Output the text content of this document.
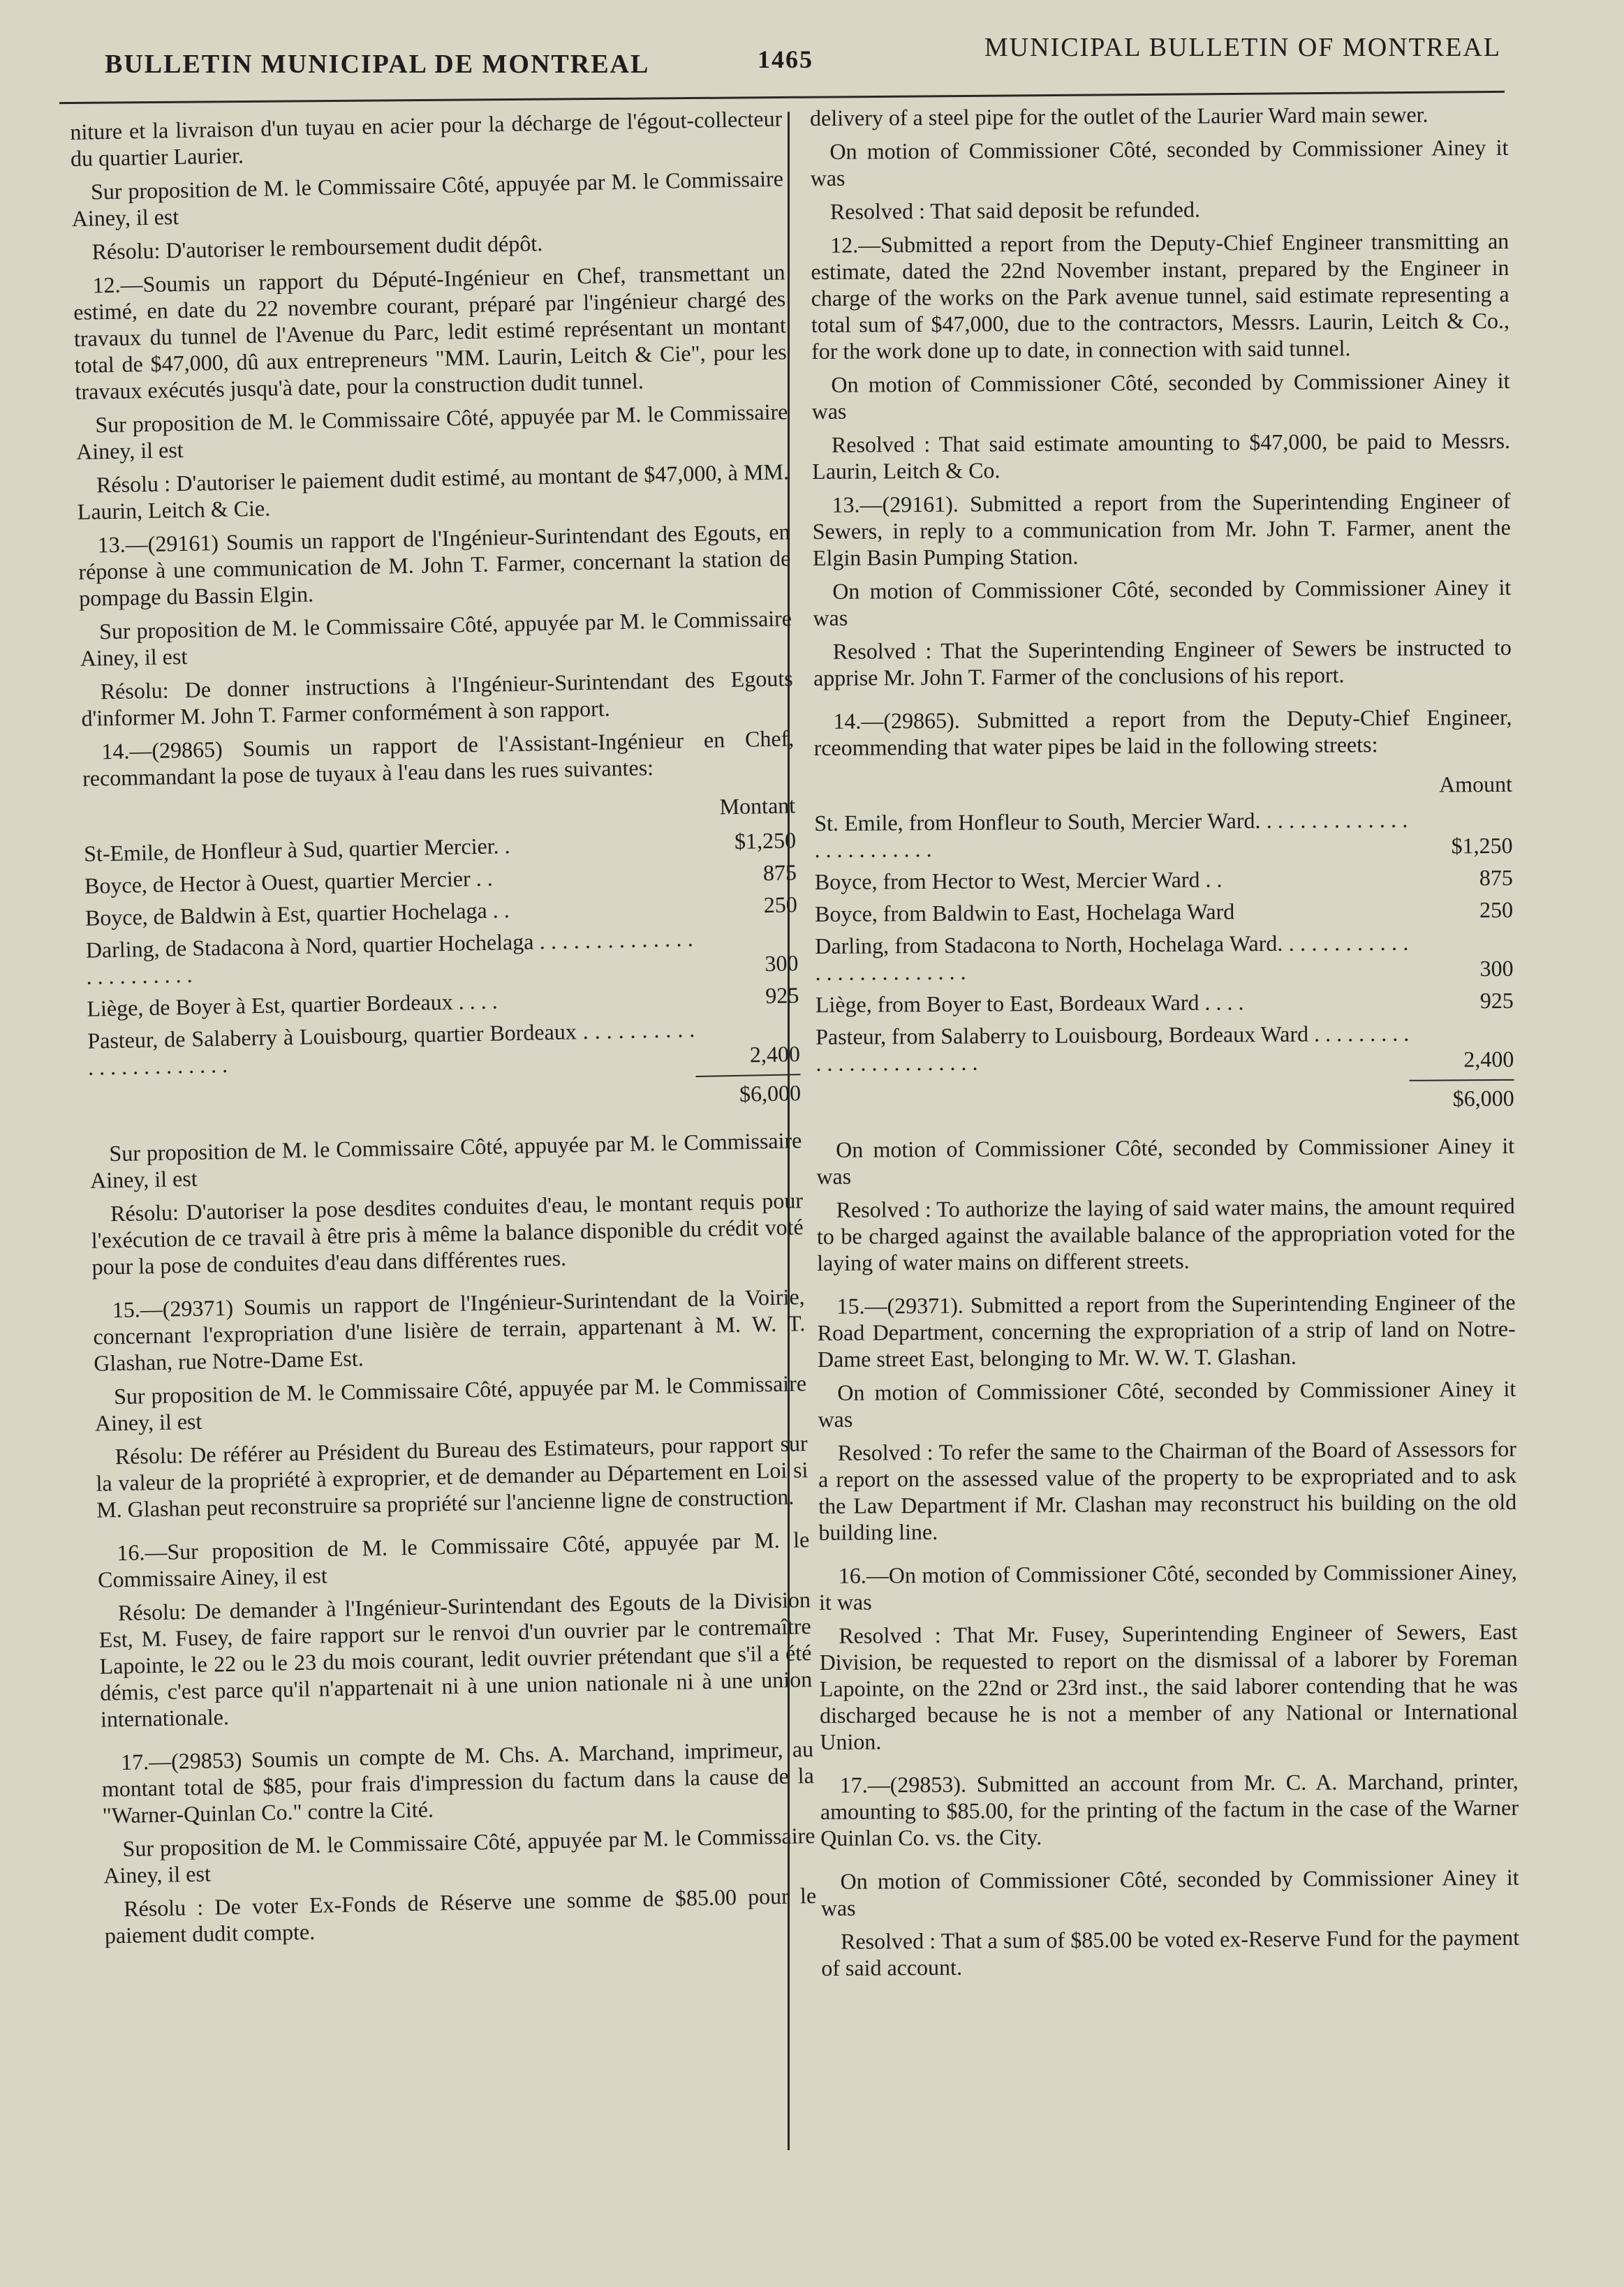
BULLETIN MUNICIPAL DE MONTREAL	1465	MUNICIPAL BULLETIN OF MONTREAL

niture et la livraison d'un tuyau en acier pour la décharge de l'égout-collecteur du quartier Laurier.

Sur proposition de M. le Commissaire Côté, appuyée par M. le Commissaire Ainey, il est

Résolu: D'autoriser le remboursement dudit dépôt.

12.—Soumis un rapport du Député-Ingénieur en Chef, transmettant un estimé, en date du 22 novembre courant, préparé par l'ingénieur chargé des travaux du tunnel de l'Avenue du Parc, ledit estimé représentant un montant total de $47,000, dû aux entrepreneurs "MM. Laurin, Leitch & Cie", pour les travaux exécutés jusqu'à date, pour la construction dudit tunnel.

Sur proposition de M. le Commissaire Côté, appuyée par M. le Commissaire Ainey, il est

Résolu : D'autoriser le paiement dudit estimé, au montant de $47,000, à MM. Laurin, Leitch & Cie.

13.—(29161) Soumis un rapport de l'Ingénieur-Surintendant des Egouts, en réponse à une communication de M. John T. Farmer, concernant la station de pompage du Bassin Elgin.

Sur proposition de M. le Commissaire Côté, appuyée par M. le Commissaire Ainey, il est

Résolu: De donner instructions à l'Ingénieur-Surintendant des Egouts d'informer M. John T. Farmer conformément à son rapport.

14.—(29865) Soumis un rapport de l'Assistant-Ingénieur en Chef, recommandant la pose de tuyaux à l'eau dans les rues suivantes:

Montant
St-Emile, de Honfleur à Sud, quartier Mercier. .	$1,250
Boyce, de Hector à Ouest, quartier Mercier . .	875
Boyce, de Baldwin à Est, quartier Hochelaga . .	250
Darling, de Stadacona à Nord, quartier Hochelaga . . . . . . . . . . . . . . . . . . . . . . . .	300
Liège, de Boyer à Est, quartier Bordeaux . . . .	925
Pasteur, de Salaberry à Louisbourg, quartier Bordeaux . . . . . . . . . . . . . . . . . . . . . . .	2,400
$6,000

Sur proposition de M. le Commissaire Côté, appuyée par M. le Commissaire Ainey, il est

Résolu: D'autoriser la pose desdites conduites d'eau, le montant requis pour l'exécution de ce travail à être pris à même la balance disponible du crédit voté pour la pose de conduites d'eau dans différentes rues.

15.—(29371) Soumis un rapport de l'Ingénieur-Surintendant de la Voirie, concernant l'expropriation d'une lisière de terrain, appartenant à M. W. T. Glashan, rue Notre-Dame Est.

Sur proposition de M. le Commissaire Côté, appuyée par M. le Commissaire Ainey, il est

Résolu: De référer au Président du Bureau des Estimateurs, pour rapport sur la valeur de la propriété à exproprier, et de demander au Département en Loi si M. Glashan peut reconstruire sa propriété sur l'ancienne ligne de construction.

16.—Sur proposition de M. le Commissaire Côté, appuyée par M. le Commissaire Ainey, il est

Résolu: De demander à l'Ingénieur-Surintendant des Egouts de la Division Est, M. Fusey, de faire rapport sur le renvoi d'un ouvrier par le contremaître Lapointe, le 22 ou le 23 du mois courant, ledit ouvrier prétendant que s'il a été démis, c'est parce qu'il n'appartenait ni à une union nationale ni à une union internationale.

17.—(29853) Soumis un compte de M. Chs. A. Marchand, imprimeur, au montant total de $85, pour frais d'impression du factum dans la cause de la "Warner-Quinlan Co." contre la Cité.

Sur proposition de M. le Commissaire Côté, appuyée par M. le Commissaire Ainey, il est

Résolu : De voter Ex-Fonds de Réserve une somme de $85.00 pour le paiement dudit compte.

delivery of a steel pipe for the outlet of the Laurier Ward main sewer.

On motion of Commissioner Côté, seconded by Commissioner Ainey it was

Resolved : That said deposit be refunded.

12.—Submitted a report from the Deputy-Chief Engineer transmitting an estimate, dated the 22nd November instant, prepared by the Engineer in charge of the works on the Park avenue tunnel, said estimate representing a total sum of $47,000, due to the contractors, Messrs. Laurin, Leitch & Co., for the work done up to date, in connection with said tunnel.

On motion of Commissioner Côté, seconded by Commissioner Ainey it was

Resolved : That said estimate amounting to $47,000, be paid to Messrs. Laurin, Leitch & Co.

13.—(29161). Submitted a report from the Superintending Engineer of Sewers, in reply to a communication from Mr. John T. Farmer, anent the Elgin Basin Pumping Station.

On motion of Commissioner Côté, seconded by Commissioner Ainey it was

Resolved : That the Superintending Engineer of Sewers be instructed to apprise Mr. John T. Farmer of the conclusions of his report.

14.—(29865). Submitted a report from the Deputy-Chief Engineer, rceommending that water pipes be laid in the following streets:

Amount
St. Emile, from Honfleur to South, Mercier Ward. . . . . . . . . . . . . . . . . . . . . . . . .	$1,250
Boyce, from Hector to West, Mercier Ward . .	875
Boyce, from Baldwin to East, Hochelaga Ward	250
Darling, from Stadacona to North, Hochelaga Ward. . . . . . . . . . . . . . . . . . . . . . . . . .	300
Liège, from Boyer to East, Bordeaux Ward . . . .	925
Pasteur, from Salaberry to Louisbourg, Bordeaux Ward . . . . . . . . . . . . . . . . . . . . . . . .	2,400
$6,000

On motion of Commissioner Côté, seconded by Commissioner Ainey it was

Resolved : To authorize the laying of said water mains, the amount required to be charged against the available balance of the appropriation voted for the laying of water mains on different streets.

15.—(29371). Submitted a report from the Superintending Engineer of the Road Department, concerning the expropriation of a strip of land on Notre-Dame street East, belonging to Mr. W. W. T. Glashan.

On motion of Commissioner Côté, seconded by Commissioner Ainey it was

Resolved : To refer the same to the Chairman of the Board of Assessors for a report on the assessed value of the property to be expropriated and to ask the Law Department if Mr. Clashan may reconstruct his building on the old building line.

16.—On motion of Commissioner Côté, seconded by Commissioner Ainey, it was

Resolved : That Mr. Fusey, Superintending Engineer of Sewers, East Division, be requested to report on the dismissal of a laborer by Foreman Lapointe, on the 22nd or 23rd inst., the said laborer contending that he was discharged because he is not a member of any National or International Union.

17.—(29853). Submitted an account from Mr. C. A. Marchand, printer, amounting to $85.00, for the printing of the factum in the case of the Warner Quinlan Co. vs. the City.

On motion of Commissioner Côté, seconded by Commissioner Ainey it was

Resolved : That a sum of $85.00 be voted ex-Reserve Fund for the payment of said account.
